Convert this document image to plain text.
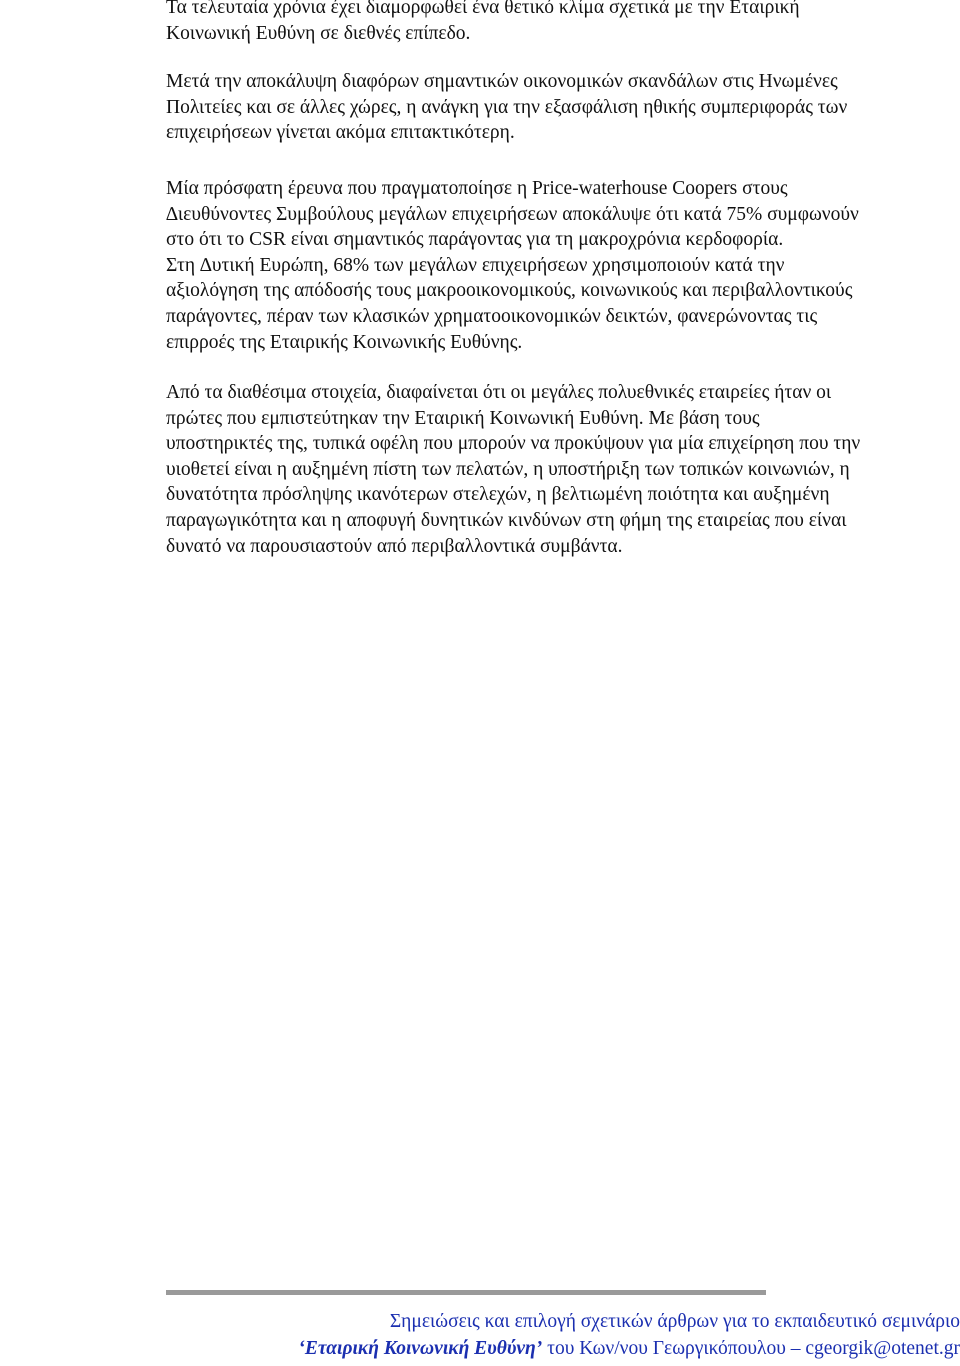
Τα τελευταία χρόνια έχει διαμορφωθεί ένα θετικό κλίμα σχετικά με την Εταιρική
Κοινωνική Ευθύνη σε διεθνές επίπεδο.

Μετά την αποκάλυψη διαφόρων σημαντικών οικονομικών σκανδάλων στις Ηνωμένες
Πολιτείες και σε άλλες χώρες, η ανάγκη για την εξασφάλιση ηθικής συμπεριφοράς των
επιχειρήσεων γίνεται ακόμα επιτακτικότερη.

Μία πρόσφατη έρευνα που πραγματοποίησε η Price-waterhouse Coopers στους
∆ιευθύνοντες Συμβούλους μεγάλων επιχειρήσεων αποκάλυψε ότι κατά 75% συμφωνούν
στο ότι το CSR είναι σημαντικός παράγοντας για τη μακροχρόνια κερδοφορία.
Στη ∆υτική Ευρώπη, 68% των μεγάλων επιχειρήσεων χρησιμοποιούν κατά την
αξιολόγηση της απόδοσής τους μακροοικονομικούς, κοινωνικούς και περιβαλλοντικούς
παράγοντες, πέραν των κλασικών χρηματοοικονομικών δεικτών, φανερώνοντας τις
επιρροές της Εταιρικής Κοινωνικής Ευθύνης.

Από τα διαθέσιμα στοιχεία, διαφαίνεται ότι οι μεγάλες πολυεθνικές εταιρείες ήταν οι
πρώτες που εμπιστεύτηκαν την Εταιρική Κοινωνική Ευθύνη. Με βάση τους
υποστηρικτές της, τυπικά οφέλη που μπορούν να προκύψουν για μία επιχείρηση που την
υιοθετεί είναι η αυξημένη πίστη των πελατών, η υποστήριξη των τοπικών κοινωνιών, η
δυνατότητα πρόσληψης ικανότερων στελεχών, η βελτιωμένη ποιότητα και αυξημένη
παραγωγικότητα και η αποφυγή δυνητικών κινδύνων στη φήμη της εταιρείας που είναι
δυνατό να παρουσιαστούν από περιβαλλοντικά συμβάντα.

Σημειώσεις και επιλογή σχετικών άρθρων για το εκπαιδευτικό σεμινάριο
‘Εταιρική Κοινωνική Ευθύνη’ του Κων/νου Γεωργικόπουλου – cgeorgik@otenet.gr
